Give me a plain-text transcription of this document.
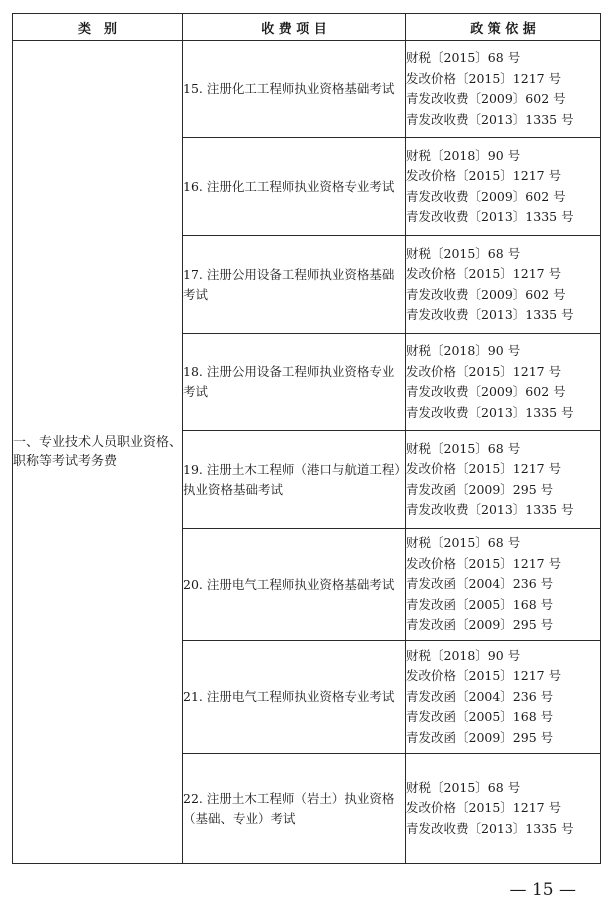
类　别	收 费 项 目	政 策 依 据
一、专业技术人员职业资格、职称等考试考务费	15. 注册化工工程师执业资格基础考试	财税〔2015〕68 号
发改价格〔2015〕1217 号
青发改收费〔2009〕602 号
青发改收费〔2013〕1335 号

	16. 注册化工工程师执业资格专业考试	财税〔2018〕90 号
发改价格〔2015〕1217 号
青发改收费〔2009〕602 号
青发改收费〔2013〕1335 号

	17. 注册公用设备工程师执业资格基础考试	财税〔2015〕68 号
发改价格〔2015〕1217 号
青发改收费〔2009〕602 号
青发改收费〔2013〕1335 号

	18. 注册公用设备工程师执业资格专业考试	财税〔2018〕90 号
发改价格〔2015〕1217 号
青发改收费〔2009〕602 号
青发改收费〔2013〕1335 号

	19. 注册土木工程师（港口与航道工程）执业资格基础考试	财税〔2015〕68 号
发改价格〔2015〕1217 号
青发改函〔2009〕295 号
青发改收费〔2013〕1335 号

	20. 注册电气工程师执业资格基础考试	财税〔2015〕68 号
发改价格〔2015〕1217 号
青发改函〔2004〕236 号
青发改函〔2005〕168 号
青发改函〔2009〕295 号

	21. 注册电气工程师执业资格专业考试	财税〔2018〕90 号
发改价格〔2015〕1217 号
青发改函〔2004〕236 号
青发改函〔2005〕168 号
青发改函〔2009〕295 号

	22. 注册土木工程师（岩土）执业资格（基础、专业）考试	财税〔2015〕68 号
发改价格〔2015〕1217 号
青发改收费〔2013〕1335 号
— 15 —
